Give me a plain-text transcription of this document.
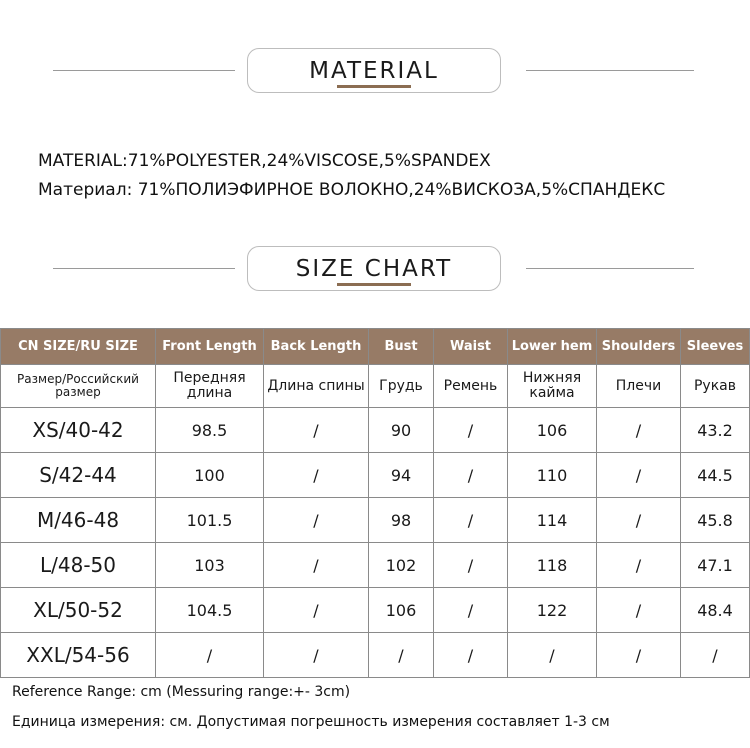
MATERIAL
MATERIAL:71%POLYESTER,24%VISCOSE,5%SPANDEX
Материал: 71%ПОЛИЭФИРНОЕ ВОЛОКНО,24%ВИСКОЗА,5%СПАНДЕКС
SIZE CHART
CN SIZE/RU SIZE	Front Length	Back Length	Bust	Waist	Lower hem	Shoulders	Sleeves
Размер/Российский размер	Передняя длина	Длина спины	Грудь	Ремень	Нижняя кайма	Плечи	Рукав
XS/40-42	98.5	/	90	/	106	/	43.2
S/42-44	100	/	94	/	110	/	44.5
M/46-48	101.5	/	98	/	114	/	45.8
L/48-50	103	/	102	/	118	/	47.1
XL/50-52	104.5	/	106	/	122	/	48.4
XXL/54-56	/	/	/	/	/	/	/
Reference Range: cm (Messuring range:+- 3cm)
Единица измерения: см. Допустимая погрешность измерения составляет 1-3 см
